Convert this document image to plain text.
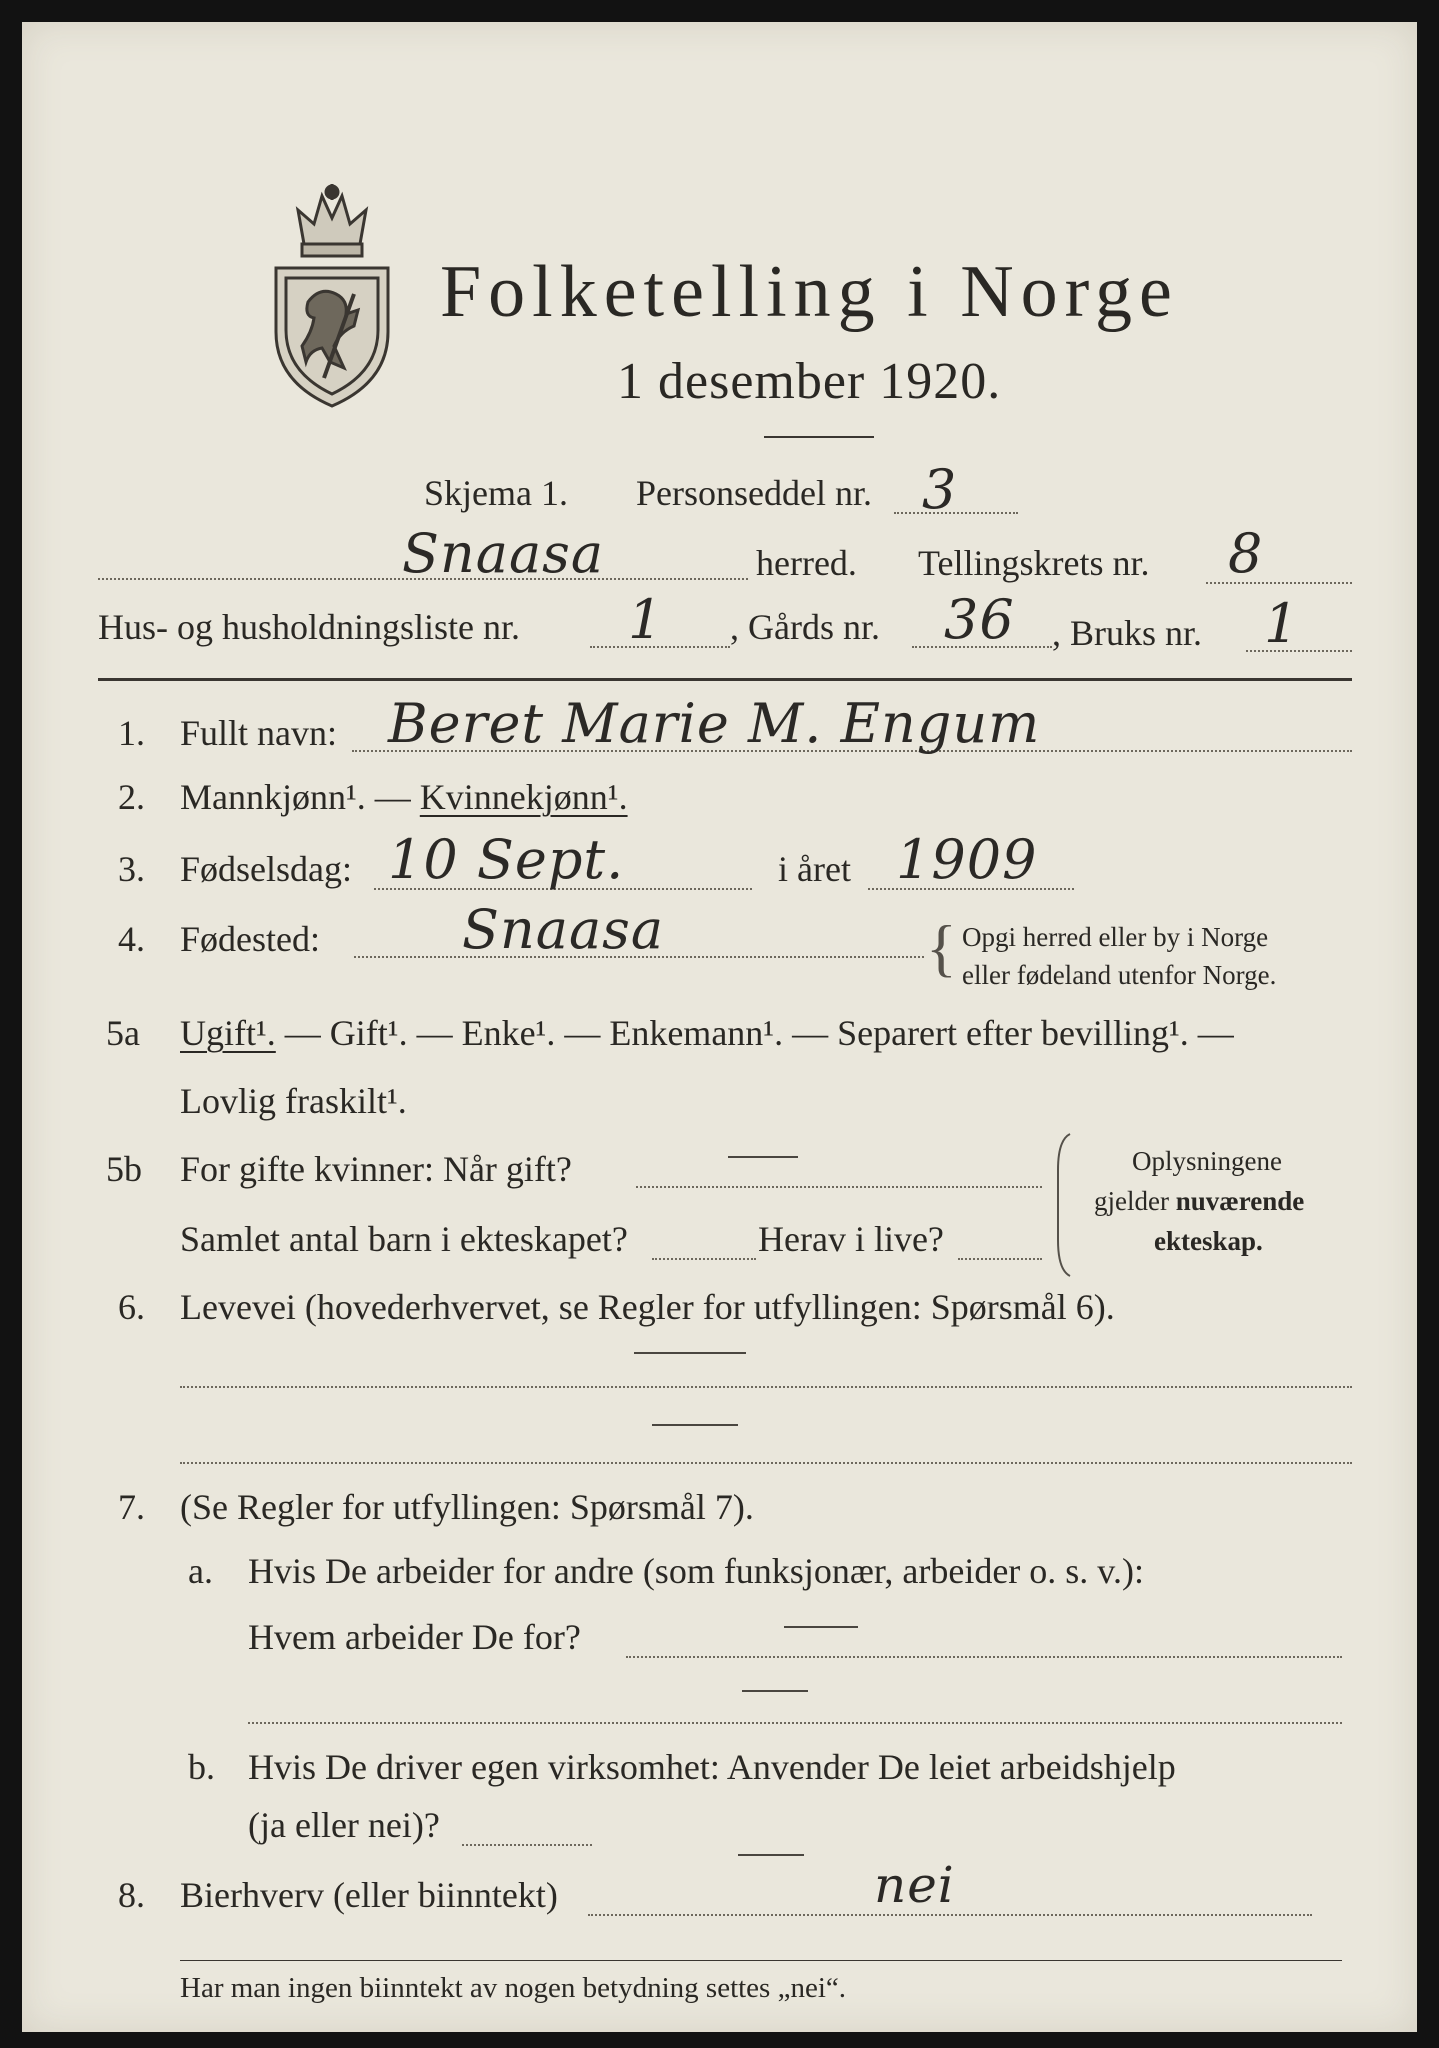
Folketelling i Norge
1 desember 1920.
Skjema 1. Personseddel nr. 3
Snaasa	herred. Tellingskrets nr. 8
Hus- og husholdningsliste nr. 1 , Gårds nr. 36 , Bruks nr. 1
1. Fullt navn: Beret Marie M. Engum
2. Mannkjønn¹. — Kvinnekjønn¹.
3. Fødselsdag: 10 Sept.	i året 1909
4. Fødested:	Snaasa	{ Opgi herred eller by i Norge
eller fødeland utenfor Norge.
5a Ugift¹. — Gift¹. — Enke¹. — Enkemann¹. — Separert efter bevilling¹. —
Lovlig fraskilt¹.
5b For gifte kvinner: Når gift?
Samlet antal barn i ekteskapet?	Herav i live?
Oplysningene
gjelder nuværende
ekteskap.
6. Levevei (hovederhvervet, se Regler for utfyllingen: Spørsmål 6).
7. (Se Regler for utfyllingen: Spørsmål 7).
a. Hvis De arbeider for andre (som funksjonær, arbeider o. s. v.):
Hvem arbeider De for?
b. Hvis De driver egen virksomhet: Anvender De leiet arbeidshjelp
(ja eller nei)?
8. Bierhverv (eller biinntekt)	nei
Har man ingen biinntekt av nogen betydning settes „nei“.
